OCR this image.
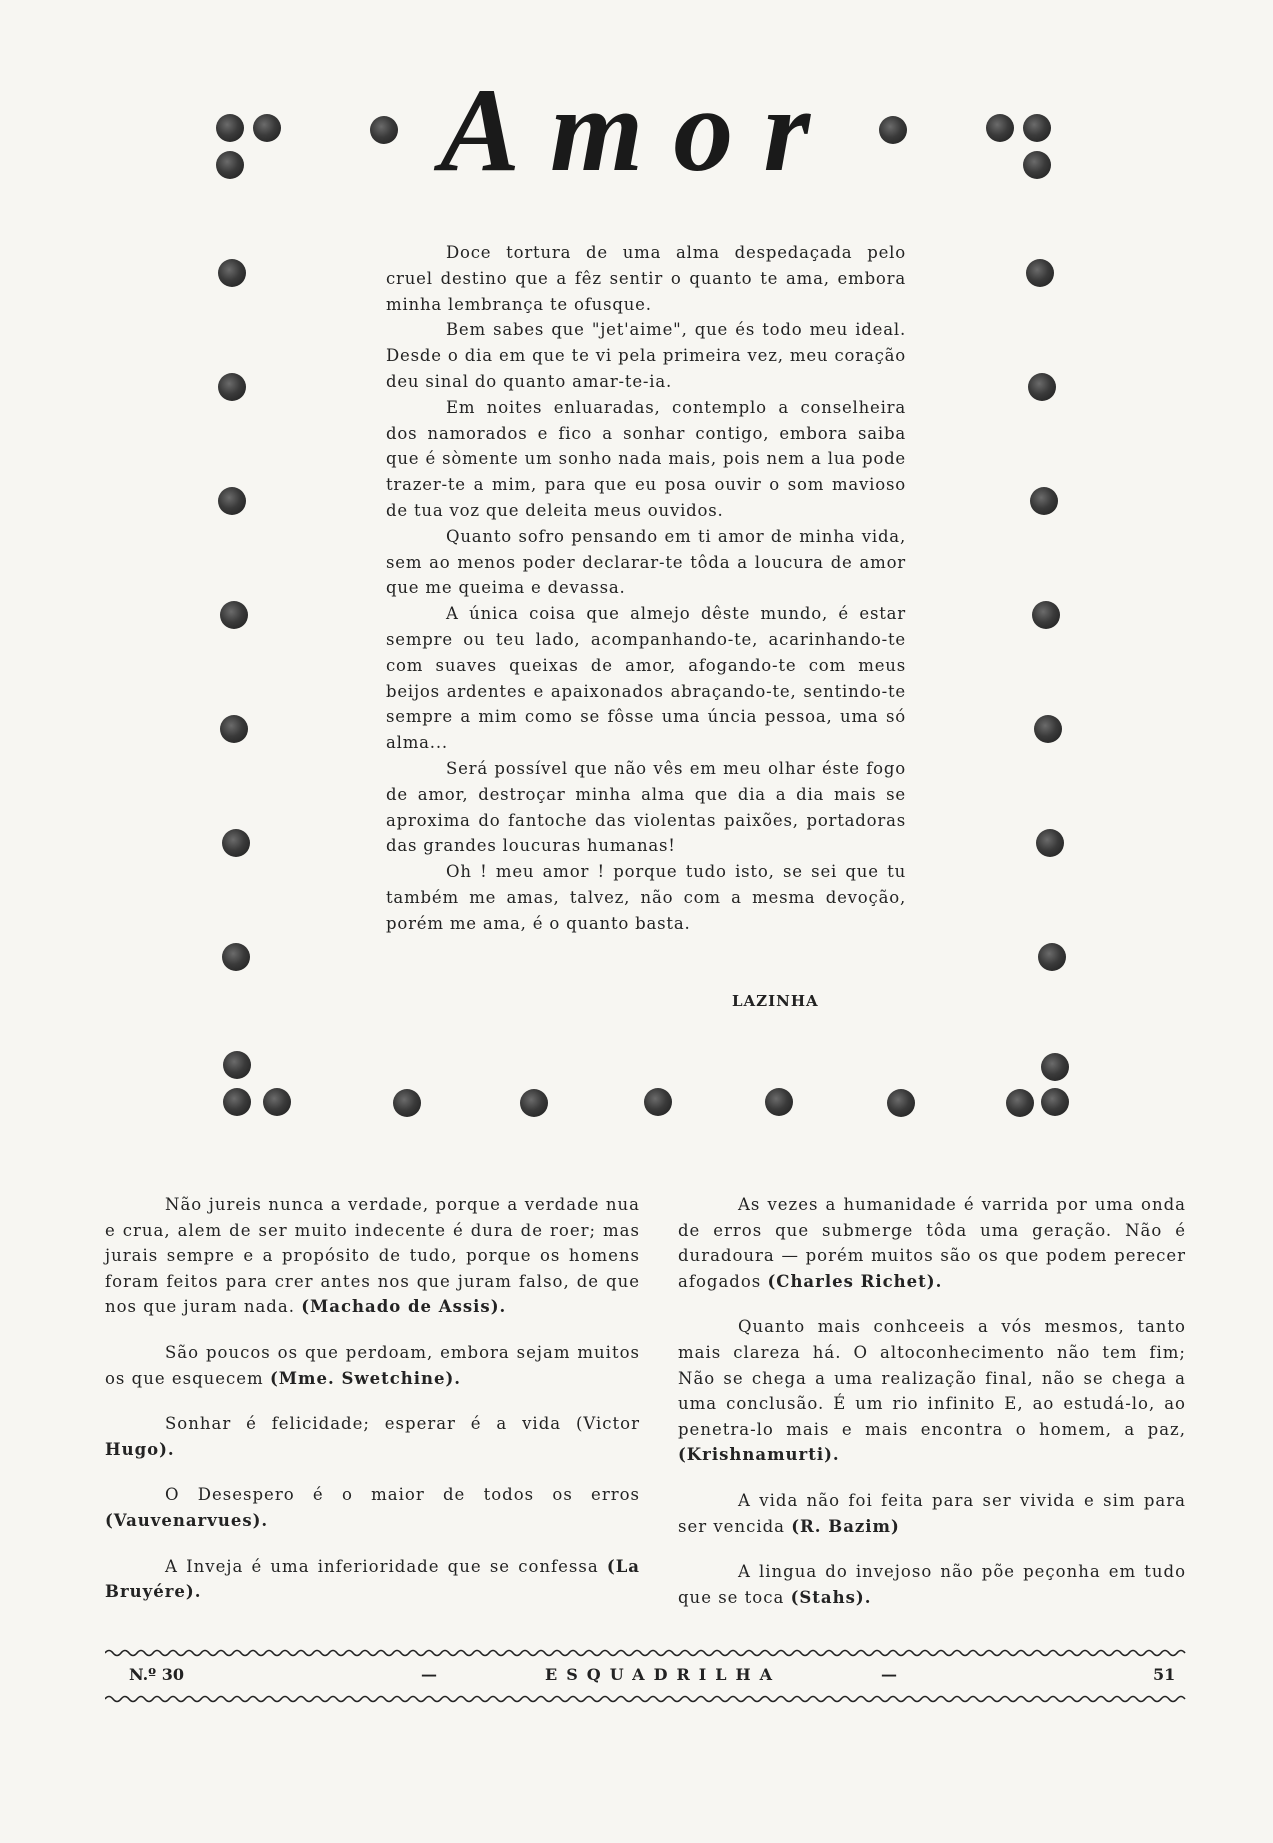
Amor

Doce tortura de uma alma despedaçada pelo cruel destino que a fêz sentir o quanto te ama, embora minha lembrança te ofusque.

Bem sabes que "jet'aime", que és todo meu ideal. Desde o dia em que te vi pela primeira vez, meu coração deu sinal do quanto amar-te-ia.

Em noites enluaradas, contemplo a conselheira dos namorados e fico a sonhar contigo, embora saiba que é sòmente um sonho nada mais, pois nem a lua pode trazer-te a mim, para que eu posa ouvir o som mavioso de tua voz que deleita meus ouvidos.

Quanto sofro pensando em ti amor de minha vida, sem ao menos poder declarar-te tôda a loucura de amor que me queima e devassa.

A única coisa que almejo dêste mundo, é estar sempre ou teu lado, acompanhando-te, acarinhando-te com suaves queixas de amor, afogando-te com meus beijos ardentes e apaixonados abraçando-te, sentindo-te sempre a mim como se fôsse uma úncia pessoa, uma só alma...

Será possível que não vês em meu olhar éste fogo de amor, destroçar minha alma que dia a dia mais se aproxima do fantoche das violentas paixões, portadoras das grandes loucuras humanas!

Oh ! meu amor ! porque tudo isto, se sei que tu também me amas, talvez, não com a mesma devoção, porém me ama, é o quanto basta.

LAZINHA

Não jureis nunca a verdade, porque a verdade nua e crua, alem de ser muito indecente é dura de roer; mas jurais sempre e a propósito de tudo, porque os homens foram feitos para crer antes nos que juram falso, de que nos que juram nada. (Machado de Assis).

São poucos os que perdoam, embora sejam muitos os que esquecem (Mme. Swetchine).

Sonhar é felicidade; esperar é a vida (Victor Hugo).

O Desespero é o maior de todos os erros (Vauvenarvues).

A Inveja é uma inferioridade que se confessa (La Bruyére).

As vezes a humanidade é varrida por uma onda de erros que submerge tôda uma geração. Não é duradoura — porém muitos são os que podem perecer afogados (Charles Richet).

Quanto mais conhceeis a vós mesmos, tanto mais clareza há. O altoconhecimento não tem fim; Não se chega a uma realização final, não se chega a uma conclusão. É um rio infinito E, ao estudá-lo, ao penetra-lo mais e mais encontra o homem, a paz, (Krishnamurti).

A vida não foi feita para ser vivida e sim para ser vencida (R. Bazim)

A lingua do invejoso não põe peçonha em tudo que se toca (Stahs).

N.º 30	—	ESQUADRILHA	—	51
